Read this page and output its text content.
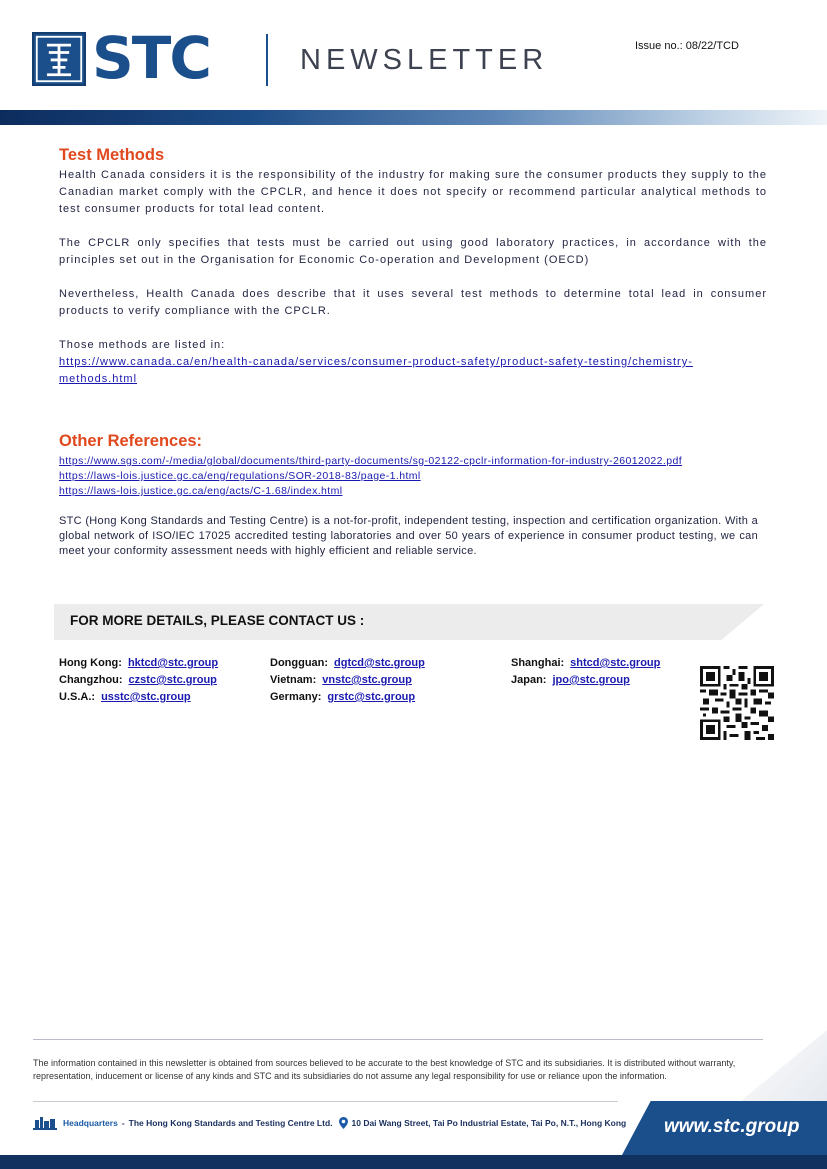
STC	NEWSLETTER	Issue no.: 08/22/TCD
Test Methods

Health Canada considers it is the responsibility of the industry for making sure the consumer products they supply to the Canadian market comply with the CPCLR, and hence it does not specify or recommend particular analytical methods to test consumer products for total lead content.

The CPCLR only specifies that tests must be carried out using good laboratory practices, in accordance with the principles set out in the Organisation for Economic Co-operation and Development (OECD)

Nevertheless, Health Canada does describe that it uses several test methods to determine total lead in consumer products to verify compliance with the CPCLR.

Those methods are listed in:
https://www.canada.ca/en/health-canada/services/consumer-product-safety/product-safety-testing/chemistry-methods.html

Other References:
https://www.sgs.com/-/media/global/documents/third-party-documents/sg-02122-cpclr-information-for-industry-26012022.pdf
https://laws-lois.justice.gc.ca/eng/regulations/SOR-2018-83/page-1.html
https://laws-lois.justice.gc.ca/eng/acts/C-1.68/index.html

STC (Hong Kong Standards and Testing Centre) is a not-for-profit, independent testing, inspection and certification organization. With a global network of ISO/IEC 17025 accredited testing laboratories and over 50 years of experience in consumer product testing, we can meet your conformity assessment needs with highly efficient and reliable service.

FOR MORE DETAILS, PLEASE CONTACT US :
Hong Kong: hktcd@stc.group
Changzhou: czstc@stc.group
U.S.A.: usstc@stc.group
Dongguan: dgtcd@stc.group
Vietnam: vnstc@stc.group
Germany: grstc@stc.group
Shanghai: shtcd@stc.group
Japan: jpo@stc.group
The information contained in this newsletter is obtained from sources believed to be accurate to the best knowledge of STC and its subsidiaries. It is distributed without warranty, representation, inducement or license of any kinds and STC and its subsidiaries do not assume any legal responsibility for use or reliance upon the information.
Headquarters - The Hong Kong Standards and Testing Centre Ltd. 10 Dai Wang Street, Tai Po Industrial Estate, Tai Po, N.T., Hong Kong www.stc.group
